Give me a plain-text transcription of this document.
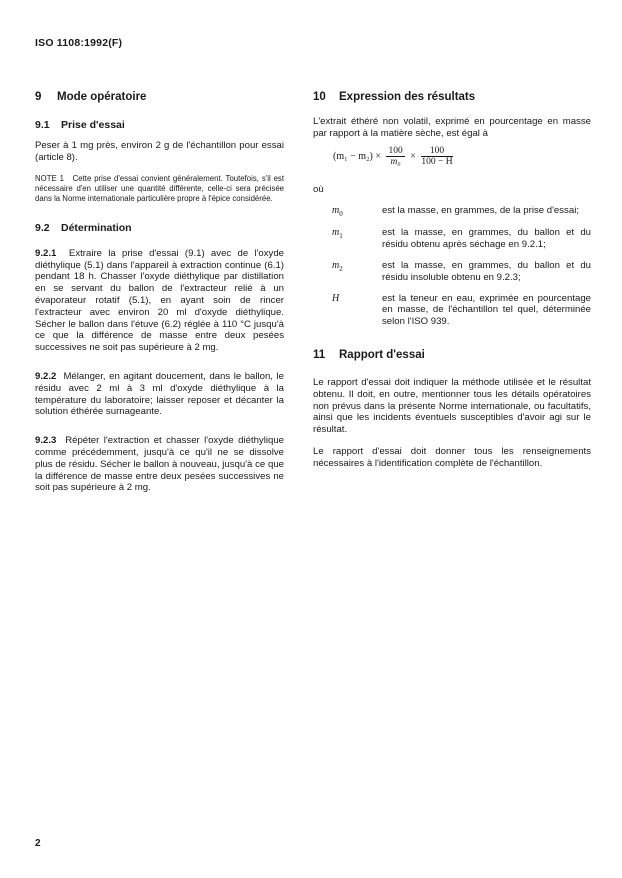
ISO 1108:1992(F)
9 Mode opératoire
9.1 Prise d'essai

Peser à 1 mg près, environ 2 g de l'échantillon pour essai (article 8).

NOTE 1 Cette prise d'essai convient généralement. Toutefois, s'il est nécessaire d'en utiliser une quantité différente, celle-ci sera précisée dans la Norme internationale particulière propre à l'épice considérée.

9.2 Détermination

9.2.1 Extraire la prise d'essai (9.1) avec de l'oxyde diéthylique (5.1) dans l'appareil à extraction continue (6.1) pendant 18 h. Chasser l'oxyde diéthylique par distillation en se servant du ballon de l'extracteur relié à un évaporateur rotatif (5.1), en ayant soin de rincer l'extracteur avec environ 20 ml d'oxyde diéthylique. Sécher le ballon dans l'étuve (6.2) réglée à 110 °C jusqu'à ce que la différence de masse entre deux pesées successives ne soit pas supérieure à 2 mg.

9.2.2 Mélanger, en agitant doucement, dans le ballon, le résidu avec 2 ml à 3 ml d'oxyde diéthylique à la température du laboratoire; laisser reposer et décanter la solution éthérée surnageante.

9.2.3 Répéter l'extraction et chasser l'oxyde diéthylique comme précédemment, jusqu'à ce qu'il ne se dissolve plus de résidu. Sécher le ballon à nouveau, jusqu'à ce que la différence de masse entre deux pesées successives ne soit pas supérieure à 2 mg.

10 Expression des résultats

L'extrait éthéré non volatil, exprimé en pourcentage en masse par rapport à la matière sèche, est égal à

$(m_1 - m_2) \times \frac{100}{\text{m₀}} \times \frac{100}{100 - H}$

où

$m_0$	est la masse, en grammes, de la prise d'essai;
$m_1$	est la masse, en grammes, du ballon et du résidu obtenu après séchage en 9.2.1;
$m_2$	est la masse, en grammes, du ballon et du résidu insoluble obtenu en 9.2.3;
H	est la teneur en eau, exprimée en pourcentage en masse, de l'échantillon tel quel, déterminée selon l'ISO 939.
11 Rapport d'essai

Le rapport d'essai doit indiquer la méthode utilisée et le résultat obtenu. Il doit, en outre, mentionner tous les détails opératoires non prévus dans la présente Norme internationale, ou facultatifs, ainsi que les incidents éventuels susceptibles d'avoir agi sur le résultat.

Le rapport d'essai doit donner tous les renseignements nécessaires à l'identification complète de l'échantillon.

2
